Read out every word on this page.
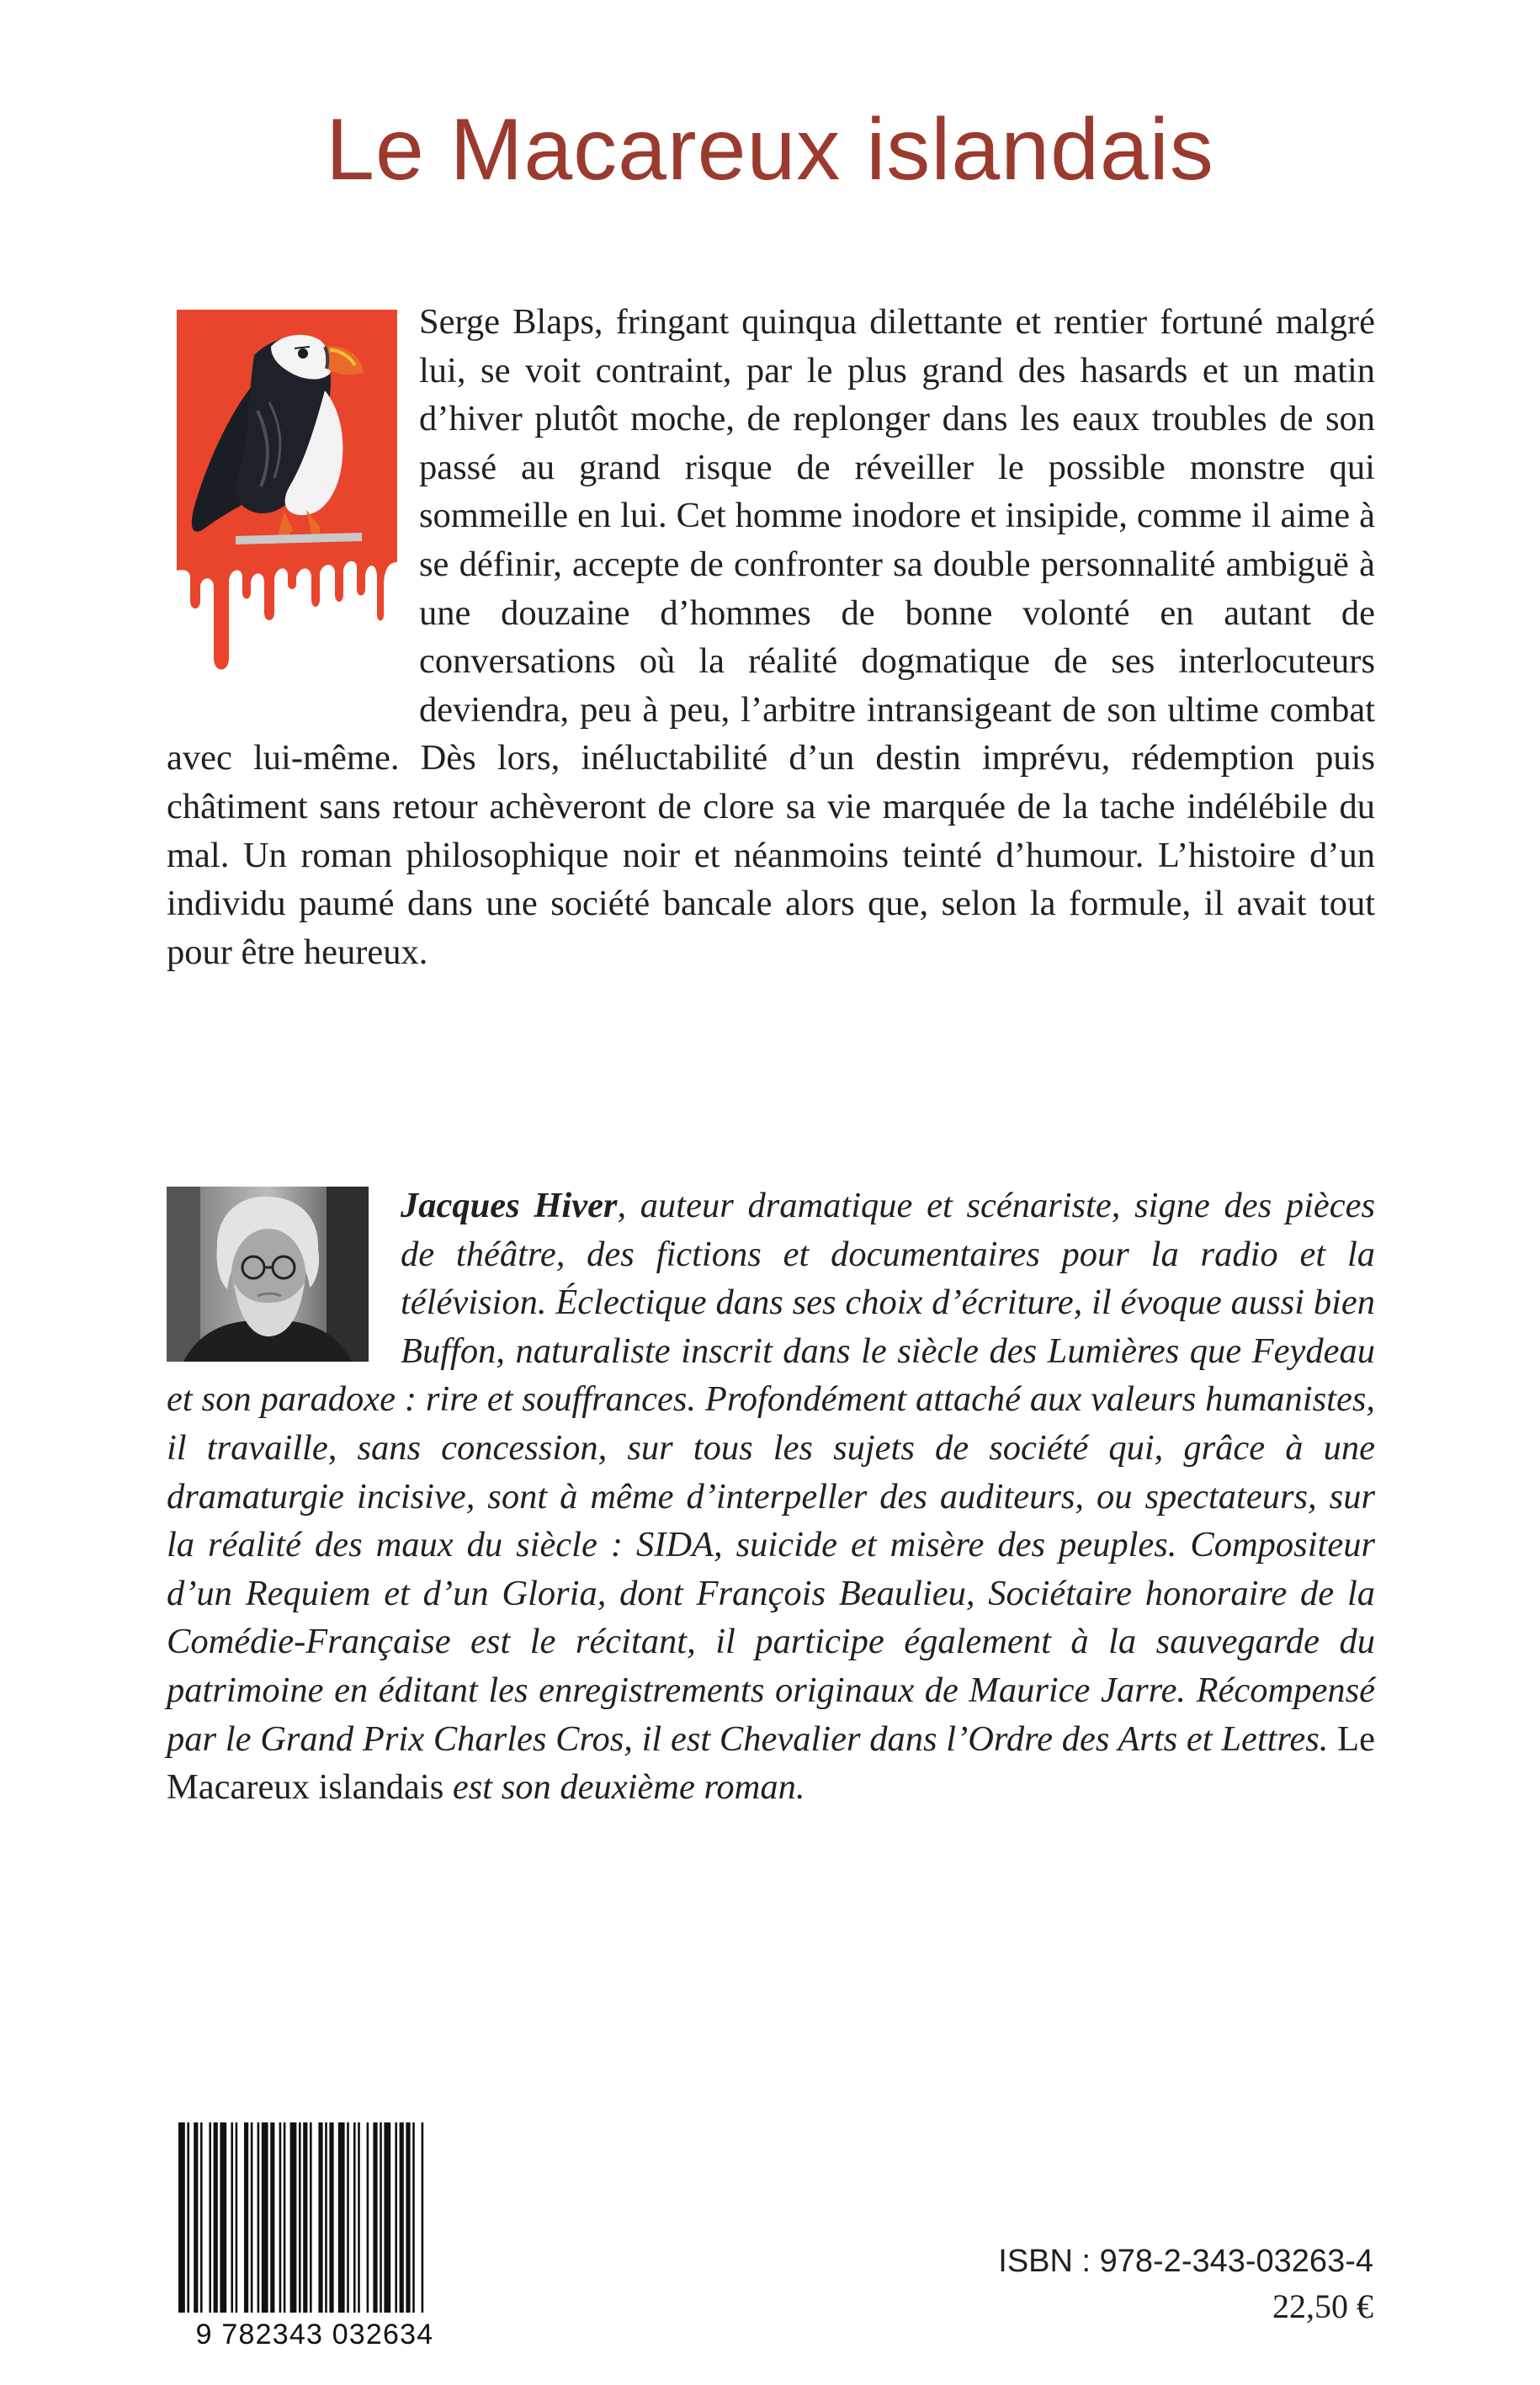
Le Macareux islandais

Serge Blaps, fringant quinqua dilettante et rentier fortuné malgré lui, se voit contraint, par le plus grand des hasards et un matin d’hiver plutôt moche, de replonger dans les eaux troubles de son passé au grand risque de réveiller le possible monstre qui sommeille en lui. Cet homme inodore et insipide, comme il aime à se définir, accepte de confronter sa double personnalité ambiguë à une douzaine d’hommes de bonne volonté en autant de conversations où la réalité dogmatique de ses interlocuteurs deviendra, peu à peu, l’arbitre intransigeant de son ultime combat avec lui-même. Dès lors, inéluctabilité d’un destin imprévu, rédemption puis châtiment sans retour achèveront de clore sa vie marquée de la tache indélébile du mal. Un roman philosophique noir et néanmoins teinté d’humour. L’histoire d’un individu paumé dans une société bancale alors que, selon la formule, il avait tout pour être heureux.

Jacques Hiver, auteur dramatique et scénariste, signe des pièces de théâtre, des fictions et documentaires pour la radio et la télévision. Éclectique dans ses choix d’écriture, il évoque aussi bien Buffon, naturaliste inscrit dans le siècle des Lumières que Feydeau et son paradoxe : rire et souffrances. Profondément attaché aux valeurs humanistes, il travaille, sans concession, sur tous les sujets de société qui, grâce à une dramaturgie incisive, sont à même d’interpeller des auditeurs, ou spectateurs, sur la réalité des maux du siècle : SIDA, suicide et misère des peuples. Compositeur d’un Requiem et d’un Gloria, dont François Beaulieu, Sociétaire honoraire de la Comédie-Française est le récitant, il participe également à la sauvegarde du patrimoine en éditant les enregistrements originaux de Maurice Jarre. Récompensé par le Grand Prix Charles Cros, il est Chevalier dans l’Ordre des Arts et Lettres. Le Macareux islandais est son deuxième roman.

9 782343 032634

ISBN : 978-2-343-03263-4

22,50 €
